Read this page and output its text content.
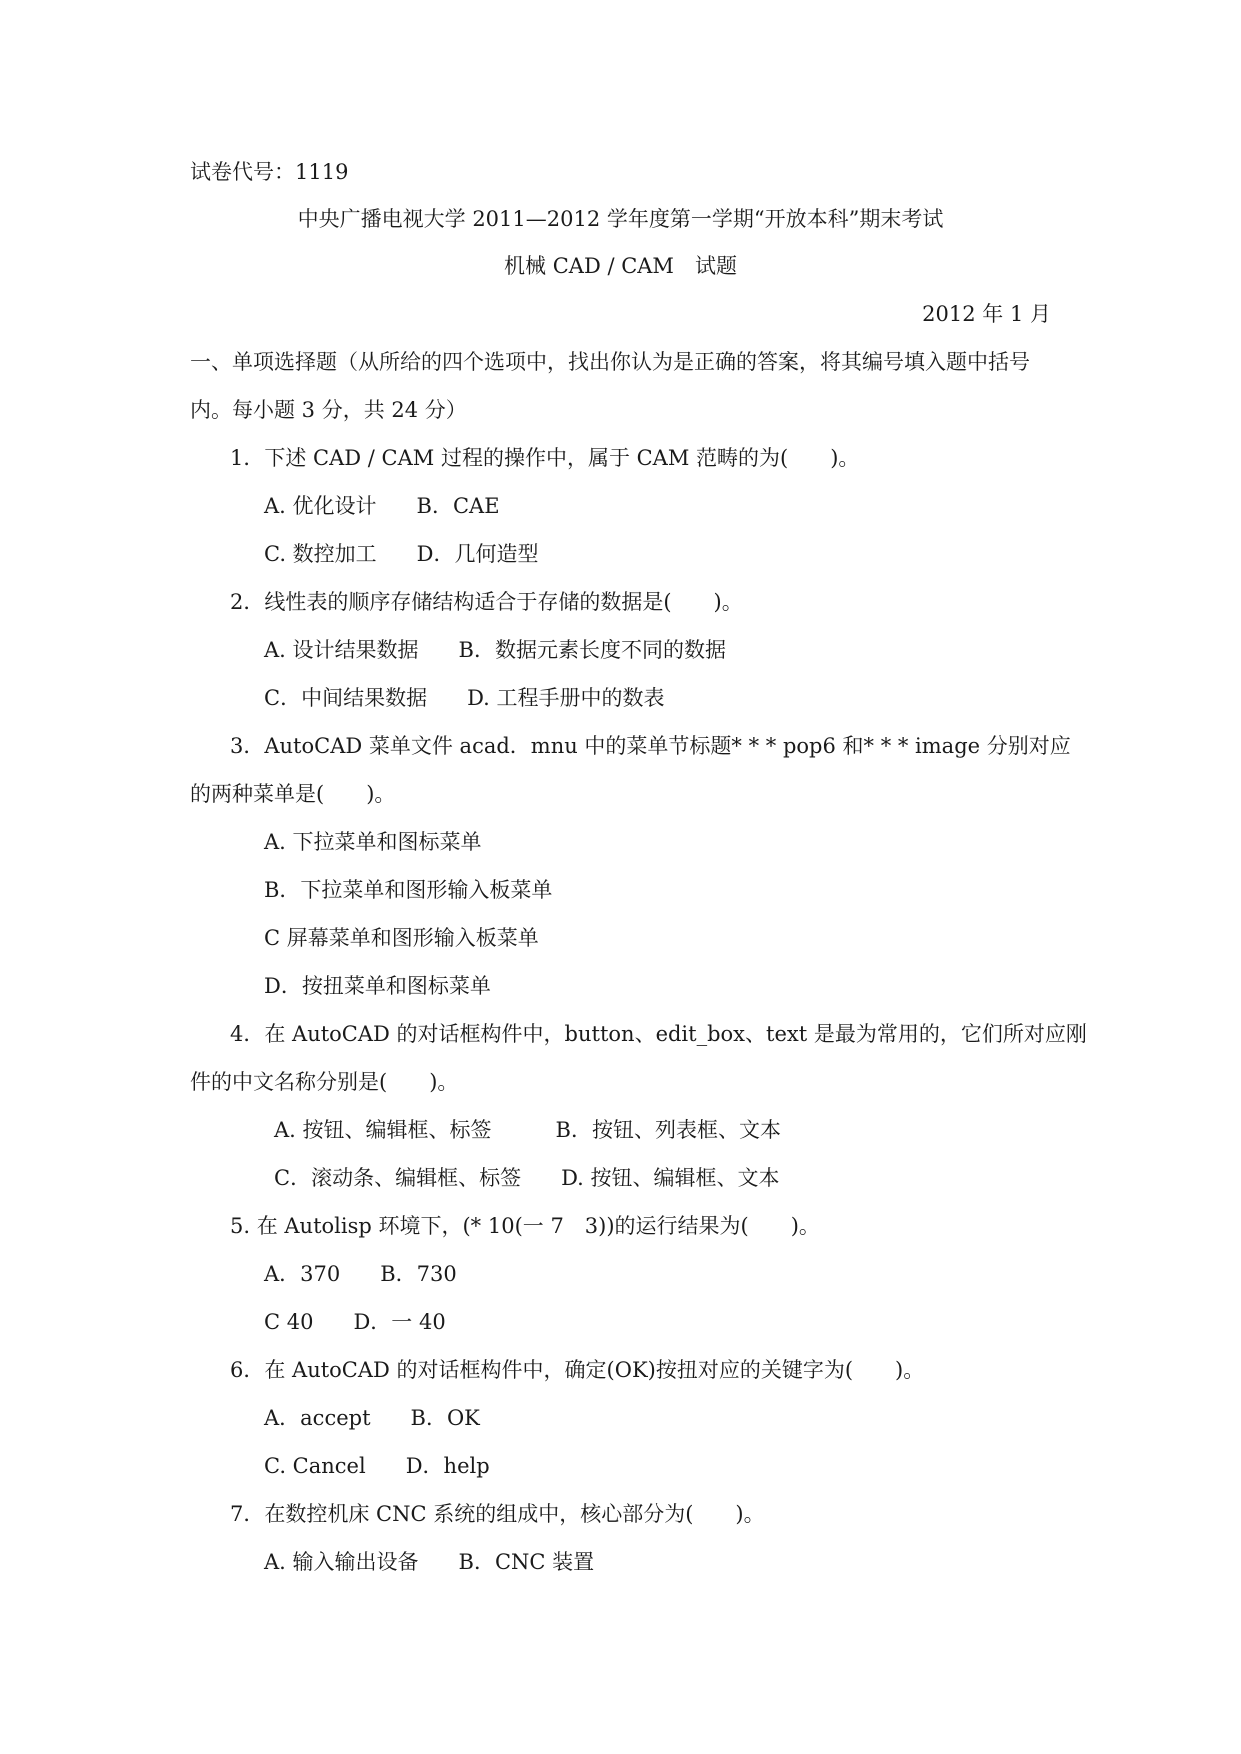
试卷代号：1119
中央广播电视大学 2011—2012 学年度第一学期“开放本科”期末考试
机械 CAD / CAM　试题
2012 年 1 月
一、单项选择题（从所给的四个选项中，找出你认为是正确的答案，将其编号填入题中括号
内。每小题 3 分，共 24 分）
1．下述 CAD / CAM 过程的操作中，属于 CAM 范畴的为(　　)。
A. 优化设计 B．CAE
C. 数控加工 D．几何造型
2．线性表的顺序存储结构适合于存储的数据是(　　)。
A. 设计结果数据 B．数据元素长度不同的数据
C．中间结果数据 D. 工程手册中的数表
3．AutoCAD 菜单文件 acad．mnu 中的菜单节标题* * * pop6 和* * * image 分别对应
的两种菜单是(　　)。
A. 下拉菜单和图标菜单
B．下拉菜单和图形输入板菜单
C 屏幕菜单和图形输入板菜单
D．按扭菜单和图标菜单
4．在 AutoCAD 的对话框构件中，button、edit_box、text 是最为常用的，它们所对应刚
件的中文名称分别是(　　)。
A. 按钮、编辑框、标签	B．按钮、列表框、文本
C．滚动条、编辑框、标签 D. 按钮、编辑框、文本
5. 在 Autolisp 环境下，(* 10(一 7　3))的运行结果为(　　)。
A．370 B．730
C 40 D．一 40
6．在 AutoCAD 的对话框构件中，确定(OK)按扭对应的关键字为(　　)。
A．accept B．OK
C. Cancel D．help
7．在数控机床 CNC 系统的组成中，核心部分为(　　)。
A. 输入输出设备 B．CNC 装置
